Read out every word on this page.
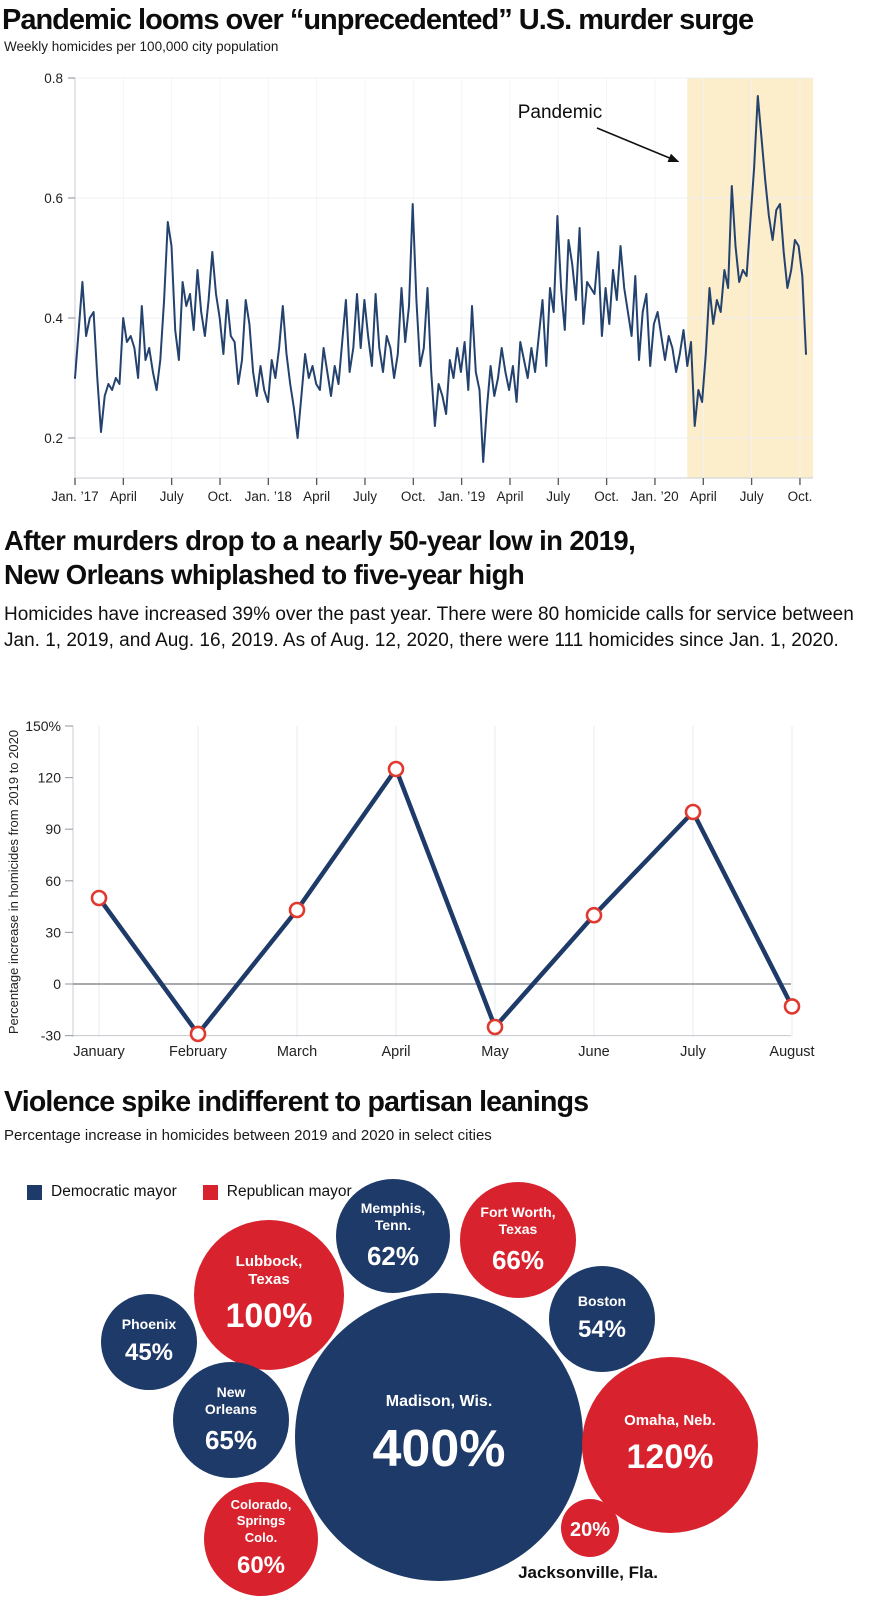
Pandemic looms over “unprecedented” U.S. murder surge
Weekly homicides per 100,000 city population
0.2
0.4
0.6
0.8
Jan. ’17 April July Oct. Jan. ’18 April July Oct. Jan. ’19 April July Oct. Jan. ’20 April July Oct.
Pandemic
After murders drop to a nearly 50-year low in 2019,
New Orleans whiplashed to five-year high
Homicides have increased 39% over the past year. There were 80 homicide calls for service between Jan. 1, 2019, and Aug. 16, 2019. As of Aug. 12, 2020, there were 111 homicides since Jan. 1, 2020.
150%
120
90
60
30
0
-30
January	February	March	April	May	June	July	August
Percentage increase in homicides from 2019 to 2020
Violence spike indifferent to partisan leanings
Percentage increase in homicides between 2019 and 2020 in select cities
Democratic mayor	Republican mayor
Memphis,
Tenn.
62%
Fort Worth,
Texas
66%
Lubbock,
Texas
100%
Phoenix
45%
Boston
54%
New
Orleans
65%
Madison, Wis.
400%	Omaha, Neb.
120%
Colorado,
Springs
Colo.
60%
20%
Jacksonville, Fla.
